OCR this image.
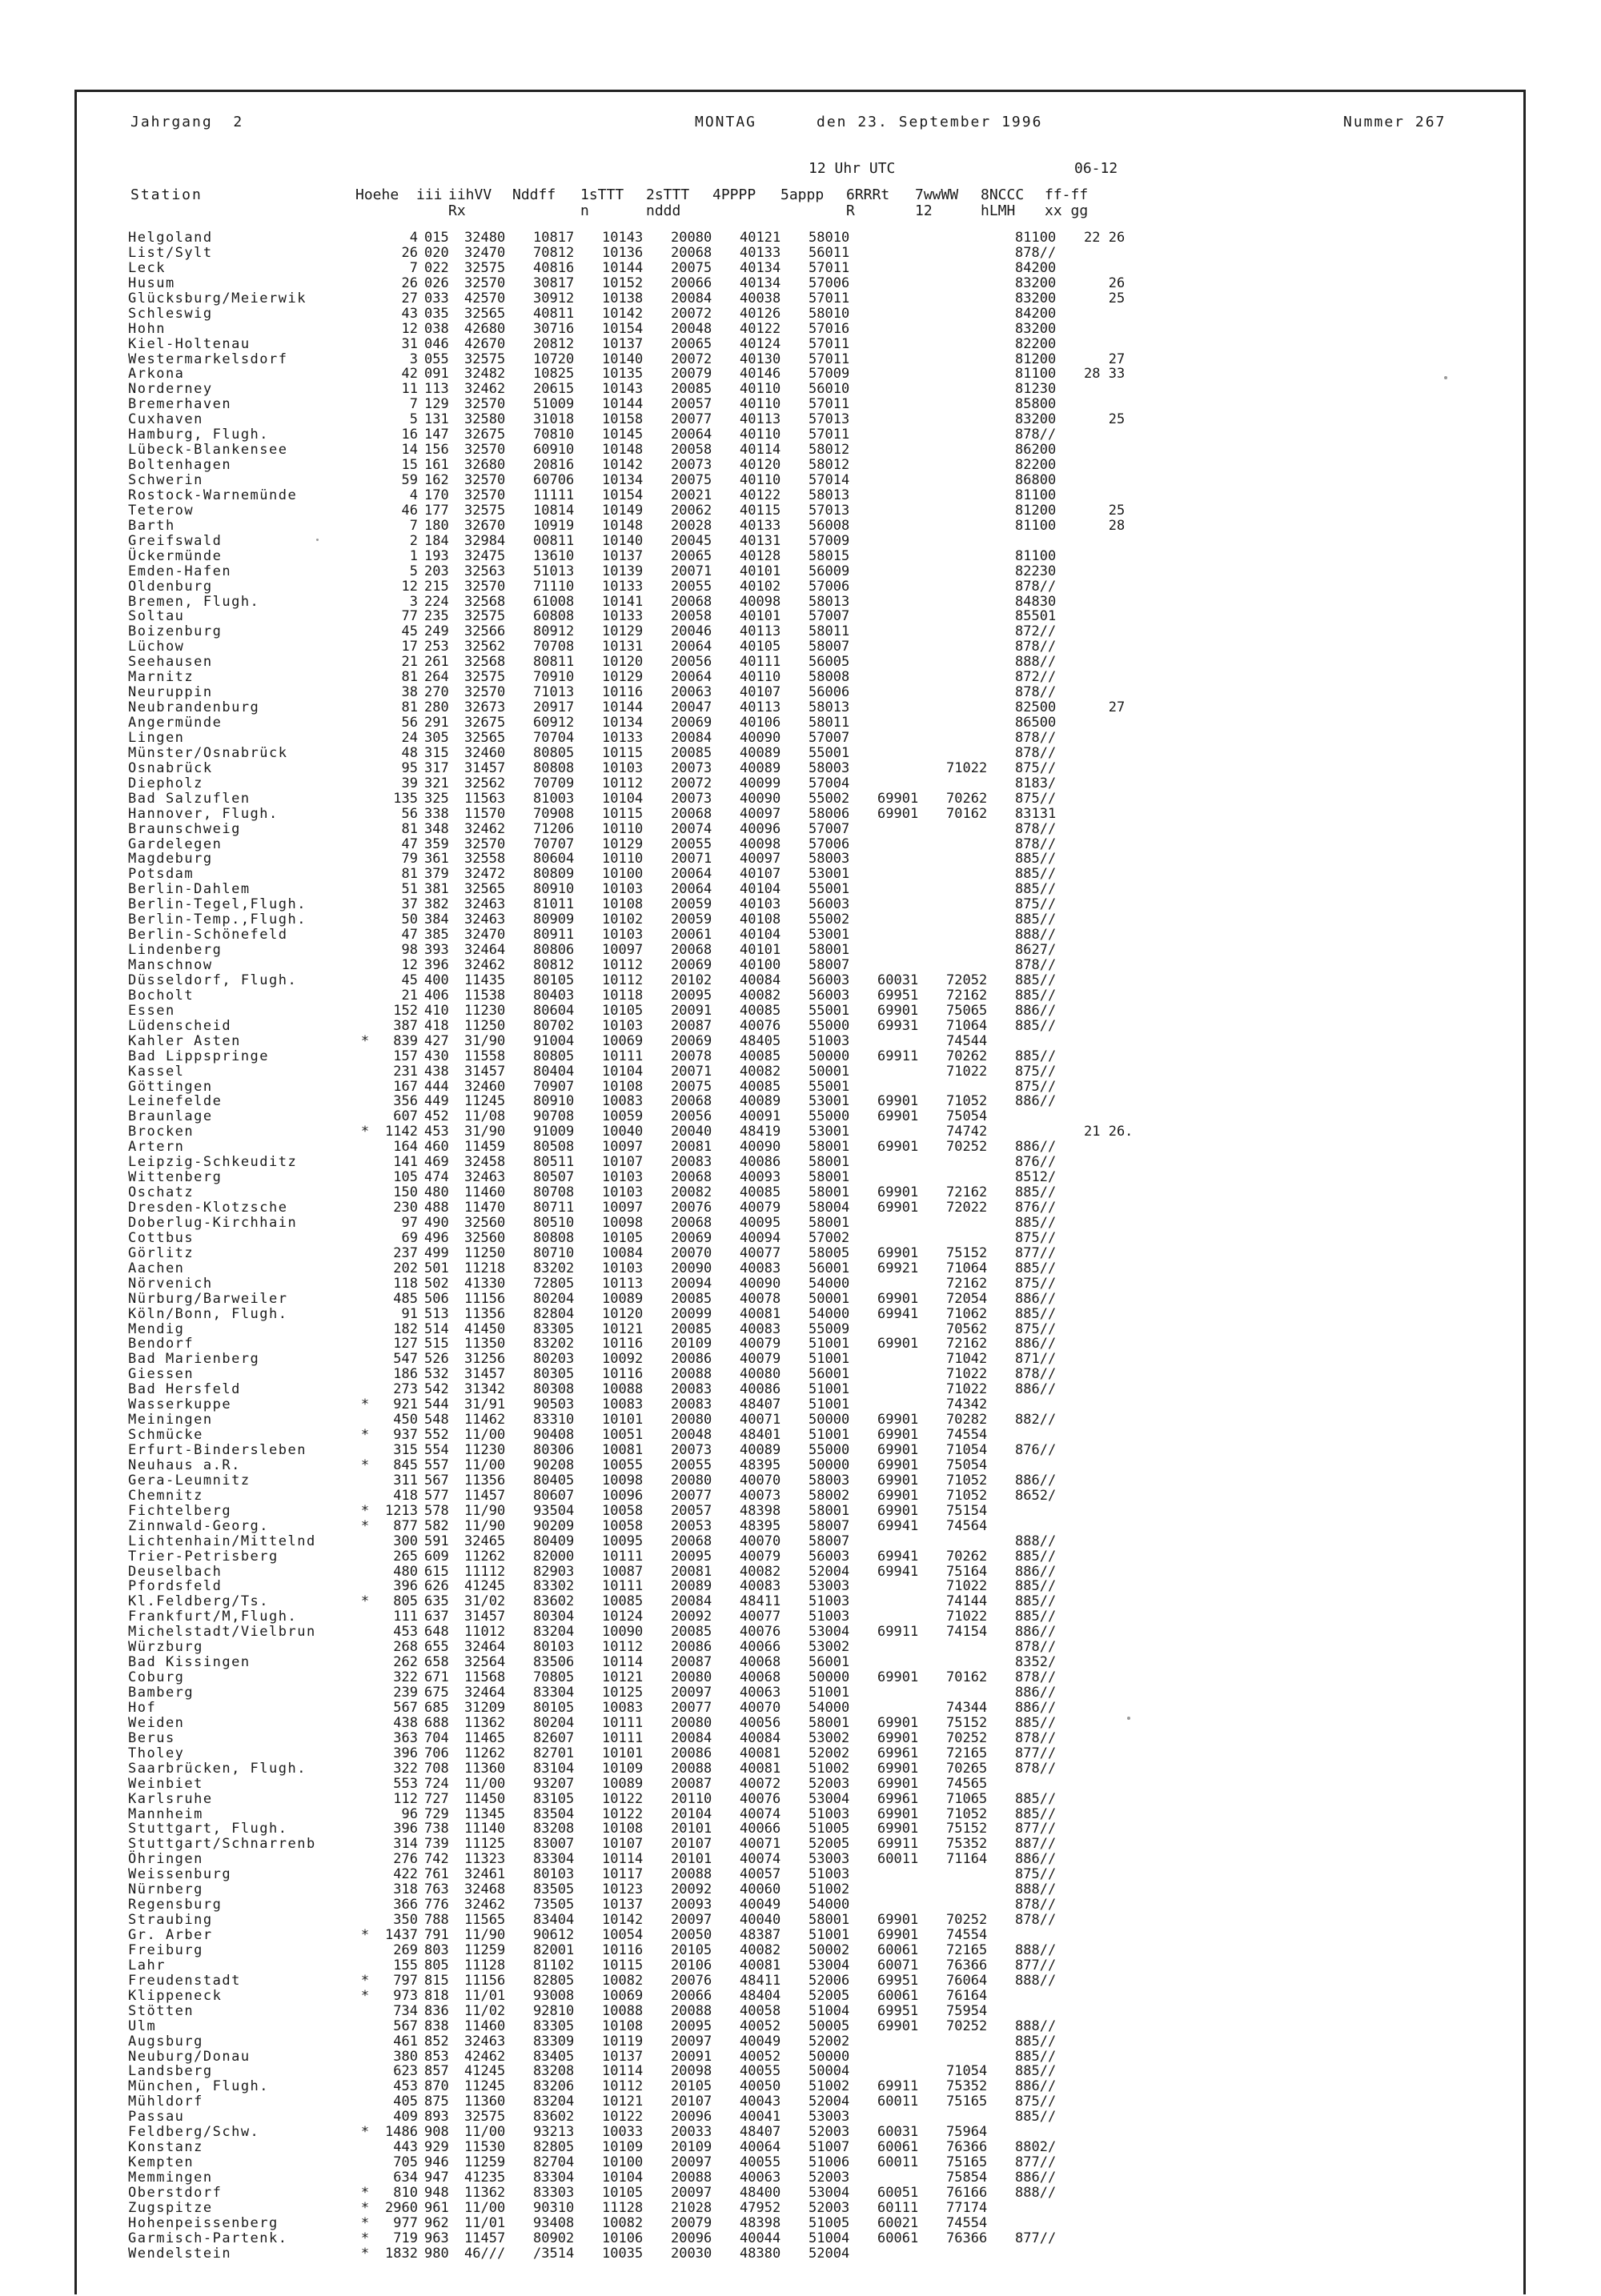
Jahrgang  2	MONTAG	den 23. September 1996	Nummer 267
12 Uhr UTC	06-12
Station	Hoehe iii iihVV Nddff 1sTTT 2sTTT 4PPPP 5appp 6RRRt 7wwWW 8NCCC ff-ff
Rx	n	nddd	R	12	hLMH xx gg
Helgoland		4	015	32480	10817	10143	20080	40121	58010			81100	22 26
List/Sylt		26	020	32470	70812	10136	20068	40133	56011			878//	
Leck		7	022	32575	40816	10144	20075	40134	57011			84200	
Husum		26	026	32570	30817	10152	20066	40134	57006			83200	26
Glücksburg/Meierwik		27	033	42570	30912	10138	20084	40038	57011			83200	25
Schleswig		43	035	32565	40811	10142	20072	40126	58010			84200	
Hohn		12	038	42680	30716	10154	20048	40122	57016			83200	
Kiel-Holtenau		31	046	42670	20812	10137	20065	40124	57011			82200	
Westermarkelsdorf		3	055	32575	10720	10140	20072	40130	57011			81200	27
Arkona		42	091	32482	10825	10135	20079	40146	57009			81100	28 33
Norderney		11	113	32462	20615	10143	20085	40110	56010			81230	
Bremerhaven		7	129	32570	51009	10144	20057	40110	57011			85800	
Cuxhaven		5	131	32580	31018	10158	20077	40113	57013			83200	25
Hamburg, Flugh.		16	147	32675	70810	10145	20064	40110	57011			878//	
Lübeck-Blankensee		14	156	32570	60910	10148	20058	40114	58012			86200	
Boltenhagen		15	161	32680	20816	10142	20073	40120	58012			82200	
Schwerin		59	162	32570	60706	10134	20075	40110	57014			86800	
Rostock-Warnemünde		4	170	32570	11111	10154	20021	40122	58013			81100	
Teterow		46	177	32575	10814	10149	20062	40115	57013			81200	25
Barth		7	180	32670	10919	10148	20028	40133	56008			81100	28
Greifswald		2	184	32984	00811	10140	20045	40131	57009				
Ückermünde		1	193	32475	13610	10137	20065	40128	58015			81100	
Emden-Hafen		5	203	32563	51013	10139	20071	40101	56009			82230	
Oldenburg		12	215	32570	71110	10133	20055	40102	57006			878//	
Bremen, Flugh.		3	224	32568	61008	10141	20068	40098	58013			84830	
Soltau		77	235	32575	60808	10133	20058	40101	57007			85501	
Boizenburg		45	249	32566	80912	10129	20046	40113	58011			872//	
Lüchow		17	253	32562	70708	10131	20064	40105	58007			878//	
Seehausen		21	261	32568	80811	10120	20056	40111	56005			888//	
Marnitz		81	264	32575	70910	10129	20064	40110	58008			872//	
Neuruppin		38	270	32570	71013	10116	20063	40107	56006			878//	
Neubrandenburg		81	280	32673	20917	10144	20047	40113	58013			82500	27
Angermünde		56	291	32675	60912	10134	20069	40106	58011			86500	
Lingen		24	305	32565	70704	10133	20084	40090	57007			878//	
Münster/Osnabrück		48	315	32460	80805	10115	20085	40089	55001			878//	
Osnabrück		95	317	31457	80808	10103	20073	40089	58003		71022	875//	
Diepholz		39	321	32562	70709	10112	20072	40099	57004			8183/	
Bad Salzuflen		135	325	11563	81003	10104	20073	40090	55002	69901	70262	875//	
Hannover, Flugh.		56	338	11570	70908	10115	20068	40097	58006	69901	70162	83131	
Braunschweig		81	348	32462	71206	10110	20074	40096	57007			878//	
Gardelegen		47	359	32570	70707	10129	20055	40098	57006			878//	
Magdeburg		79	361	32558	80604	10110	20071	40097	58003			885//	
Potsdam		81	379	32472	80809	10100	20064	40107	53001			885//	
Berlin-Dahlem		51	381	32565	80910	10103	20064	40104	55001			885//	
Berlin-Tegel,Flugh.		37	382	32463	81011	10108	20059	40103	56003			875//	
Berlin-Temp.,Flugh.		50	384	32463	80909	10102	20059	40108	55002			885//	
Berlin-Schönefeld		47	385	32470	80911	10103	20061	40104	53001			888//	
Lindenberg		98	393	32464	80806	10097	20068	40101	58001			8627/	
Manschnow		12	396	32462	80812	10112	20069	40100	58007			878//	
Düsseldorf, Flugh.		45	400	11435	80105	10112	20102	40084	56003	60031	72052	885//	
Bocholt		21	406	11538	80403	10118	20095	40082	56003	69951	72162	885//	
Essen		152	410	11230	80604	10105	20091	40085	55001	69901	75065	886//	
Lüdenscheid		387	418	11250	80702	10103	20087	40076	55000	69931	71064	885//	
Kahler Asten	*	839	427	31/90	91004	10069	20069	48405	51003		74544		
Bad Lippspringe		157	430	11558	80805	10111	20078	40085	50000	69911	70262	885//	
Kassel		231	438	31457	80404	10104	20071	40082	50001		71022	875//	
Göttingen		167	444	32460	70907	10108	20075	40085	55001			875//	
Leinefelde		356	449	11245	80910	10083	20068	40089	53001	69901	71052	886//	
Braunlage		607	452	11/08	90708	10059	20056	40091	55000	69901	75054		
Brocken	*	1142	453	31/90	91009	10040	20040	48419	53001		74742		21 26.
Artern		164	460	11459	80508	10097	20081	40090	58001	69901	70252	886//	
Leipzig-Schkeuditz		141	469	32458	80511	10107	20083	40086	58001			876//	
Wittenberg		105	474	32463	80507	10103	20068	40093	58001			8512/	
Oschatz		150	480	11460	80708	10103	20082	40085	58001	69901	72162	885//	
Dresden-Klotzsche		230	488	11470	80711	10097	20076	40079	58004	69901	72022	876//	
Doberlug-Kirchhain		97	490	32560	80510	10098	20068	40095	58001			885//	
Cottbus		69	496	32560	80808	10105	20069	40094	57002			875//	
Görlitz		237	499	11250	80710	10084	20070	40077	58005	69901	75152	877//	
Aachen		202	501	11218	83202	10103	20090	40083	56001	69921	71064	885//	
Nörvenich		118	502	41330	72805	10113	20094	40090	54000		72162	875//	
Nürburg/Barweiler		485	506	11156	80204	10089	20085	40078	50001	69901	72054	886//	
Köln/Bonn, Flugh.		91	513	11356	82804	10120	20099	40081	54000	69941	71062	885//	
Mendig		182	514	41450	83305	10121	20085	40083	55009		70562	875//	
Bendorf		127	515	11350	83202	10116	20109	40079	51001	69901	72162	886//	
Bad Marienberg		547	526	31256	80203	10092	20086	40079	51001		71042	871//	
Giessen		186	532	31457	80305	10116	20088	40080	56001		71022	878//	
Bad Hersfeld		273	542	31342	80308	10088	20083	40086	51001		71022	886//	
Wasserkuppe	*	921	544	31/91	90503	10083	20083	48407	51001		74342		
Meiningen		450	548	11462	83310	10101	20080	40071	50000	69901	70282	882//	
Schmücke	*	937	552	11/00	90408	10051	20048	48401	51001	69901	74554		
Erfurt-Bindersleben		315	554	11230	80306	10081	20073	40089	55000	69901	71054	876//	
Neuhaus a.R.	*	845	557	11/00	90208	10055	20055	48395	50000	69901	75054		
Gera-Leumnitz		311	567	11356	80405	10098	20080	40070	58003	69901	71052	886//	
Chemnitz		418	577	11457	80607	10096	20077	40073	58002	69901	71052	8652/	
Fichtelberg	*	1213	578	11/90	93504	10058	20057	48398	58001	69901	75154		
Zinnwald-Georg.	*	877	582	11/90	90209	10058	20053	48395	58007	69941	74564		
Lichtenhain/Mittelnd		300	591	32465	80409	10095	20068	40070	58007			888//	
Trier-Petrisberg		265	609	11262	82000	10111	20095	40079	56003	69941	70262	885//	
Deuselbach		480	615	11112	82903	10087	20081	40082	52004	69941	75164	886//	
Pfordsfeld		396	626	41245	83302	10111	20089	40083	53003		71022	885//	
Kl.Feldberg/Ts.	*	805	635	31/02	83602	10085	20084	48411	51003		74144	885//	
Frankfurt/M,Flugh.		111	637	31457	80304	10124	20092	40077	51003		71022	885//	
Michelstadt/Vielbrun		453	648	11012	83204	10090	20085	40076	53004	69911	74154	886//	
Würzburg		268	655	32464	80103	10112	20086	40066	53002			878//	
Bad Kissingen		262	658	32564	83506	10114	20087	40068	56001			8352/	
Coburg		322	671	11568	70805	10121	20080	40068	50000	69901	70162	878//	
Bamberg		239	675	32464	83304	10125	20097	40063	51001			886//	
Hof		567	685	31209	80105	10083	20077	40070	54000		74344	886//	
Weiden		438	688	11362	80204	10111	20080	40056	58001	69901	75152	885//	
Berus		363	704	11465	82607	10111	20084	40084	53002	69901	70252	878//	
Tholey		396	706	11262	82701	10101	20086	40081	52002	69961	72165	877//	
Saarbrücken, Flugh.		322	708	11360	83104	10109	20088	40081	51002	69901	70265	878//	
Weinbiet		553	724	11/00	93207	10089	20087	40072	52003	69901	74565		
Karlsruhe		112	727	11450	83105	10122	20110	40076	53004	69961	71065	885//	
Mannheim		96	729	11345	83504	10122	20104	40074	51003	69901	71052	885//	
Stuttgart, Flugh.		396	738	11140	83208	10108	20101	40066	51005	69901	75152	877//	
Stuttgart/Schnarrenb		314	739	11125	83007	10107	20107	40071	52005	69911	75352	887//	
Öhringen		276	742	11323	83304	10114	20101	40074	53003	60011	71164	886//	
Weissenburg		422	761	32461	80103	10117	20088	40057	51003			875//	
Nürnberg		318	763	32468	83505	10123	20092	40060	51002			888//	
Regensburg		366	776	32462	73505	10137	20093	40049	54000			878//	
Straubing		350	788	11565	83404	10142	20097	40040	58001	69901	70252	878//	
Gr. Arber	*	1437	791	11/90	90612	10054	20050	48387	51001	69901	74554		
Freiburg		269	803	11259	82001	10116	20105	40082	50002	60061	72165	888//	
Lahr		155	805	11128	81102	10115	20106	40081	53004	60071	76366	877//	
Freudenstadt	*	797	815	11156	82805	10082	20076	48411	52006	69951	76064	888//	
Klippeneck	*	973	818	11/01	93008	10069	20066	48404	52005	60061	76164		
Stötten		734	836	11/02	92810	10088	20088	40058	51004	69951	75954		
Ulm		567	838	11460	83305	10108	20095	40052	50005	69901	70252	888//	
Augsburg		461	852	32463	83309	10119	20097	40049	52002			885//	
Neuburg/Donau		380	853	42462	83405	10137	20091	40052	50000			885//	
Landsberg		623	857	41245	83208	10114	20098	40055	50004		71054	885//	
München, Flugh.		453	870	11245	83206	10112	20105	40050	51002	69911	75352	886//	
Mühldorf		405	875	11360	83204	10121	20107	40043	52004	60011	75165	875//	
Passau		409	893	32575	83602	10122	20096	40041	53003			885//	
Feldberg/Schw.	*	1486	908	11/00	93213	10033	20033	48407	52003	60031	75964		
Konstanz		443	929	11530	82805	10109	20109	40064	51007	60061	76366	8802/	
Kempten		705	946	11259	82704	10100	20097	40055	51006	60011	75165	877//	
Memmingen		634	947	41235	83304	10104	20088	40063	52003		75854	886//	
Oberstdorf	*	810	948	11362	83303	10105	20097	48400	53004	60051	76166	888//	
Zugspitze	*	2960	961	11/00	90310	11128	21028	47952	52003	60111	77174		
Hohenpeissenberg	*	977	962	11/01	93408	10082	20079	48398	51005	60021	74554		
Garmisch-Partenk.	*	719	963	11457	80902	10106	20096	40044	51004	60061	76366	877//	
Wendelstein	*	1832	980	46///	/3514	10035	20030	48380	52004				
